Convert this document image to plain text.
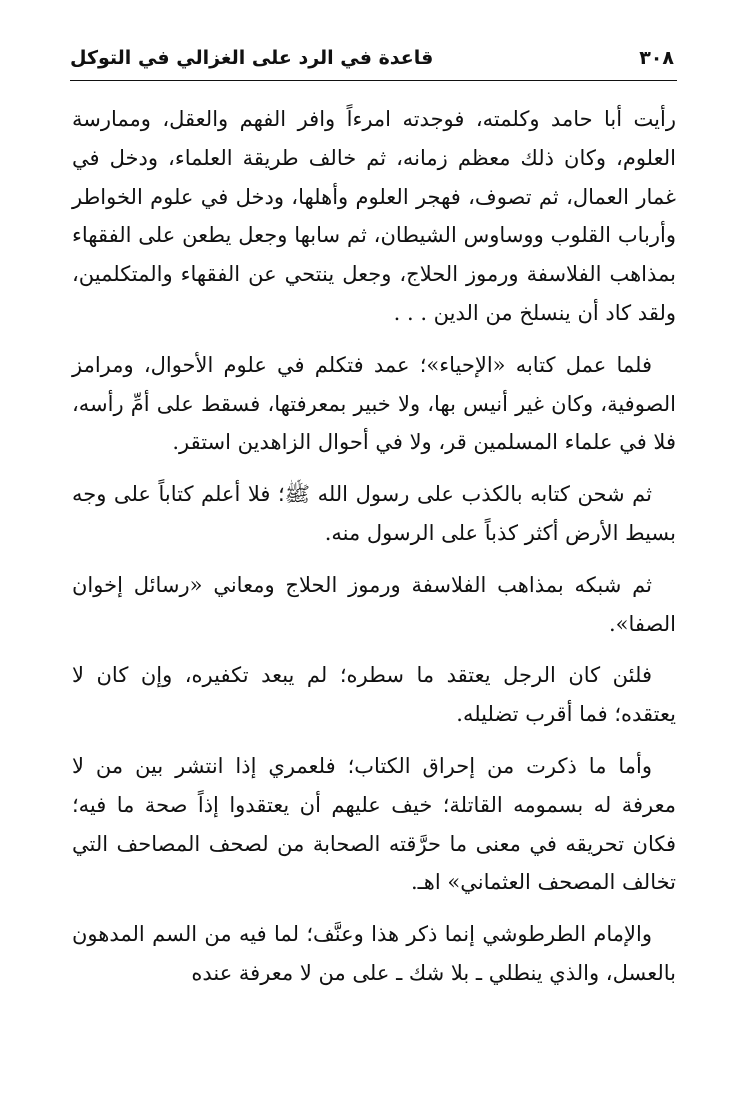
٣٠٨
قاعدة في الرد على الغزالي في التوكل

رأيت أبا حامد وكلمته، فوجدته امرءاً وافر الفهم والعقل، وممارسة العلوم، وكان ذلك معظم زمانه، ثم خالف طريقة العلماء، ودخل في غمار العمال، ثم تصوف، فهجر العلوم وأهلها، ودخل في علوم الخواطر وأرباب القلوب ووساوس الشيطان، ثم سابها وجعل يطعن على الفقهاء بمذاهب الفلاسفة ورموز الحلاج، وجعل ينتحي عن الفقهاء والمتكلمين، ولقد كاد أن ينسلخ من الدين . . .

فلما عمل كتابه «الإحياء»؛ عمد فتكلم في علوم الأحوال، ومرامز الصوفية، وكان غير أنيس بها، ولا خبير بمعرفتها، فسقط على أمِّ رأسه، فلا في علماء المسلمين قر، ولا في أحوال الزاهدين استقر.

ثم شحن كتابه بالكذب على رسول الله ﷺ؛ فلا أعلم كتاباً على وجه بسيط الأرض أكثر كذباً على الرسول منه.

ثم شبكه بمذاهب الفلاسفة ورموز الحلاج ومعاني «رسائل إخوان الصفا».

فلئن كان الرجل يعتقد ما سطره؛ لم يبعد تكفيره، وإن كان لا يعتقده؛ فما أقرب تضليله.

وأما ما ذكرت من إحراق الكتاب؛ فلعمري إذا انتشر بين من لا معرفة له بسمومه القاتلة؛ خيف عليهم أن يعتقدوا إذاً صحة ما فيه؛ فكان تحريقه في معنى ما حرَّقته الصحابة من لصحف المصاحف التي تخالف المصحف العثماني» اهـ.

والإمام الطرطوشي إنما ذكر هذا وعنَّف؛ لما فيه من السم المدهون بالعسل، والذي ينطلي ـ بلا شك ـ على من لا معرفة عنده
